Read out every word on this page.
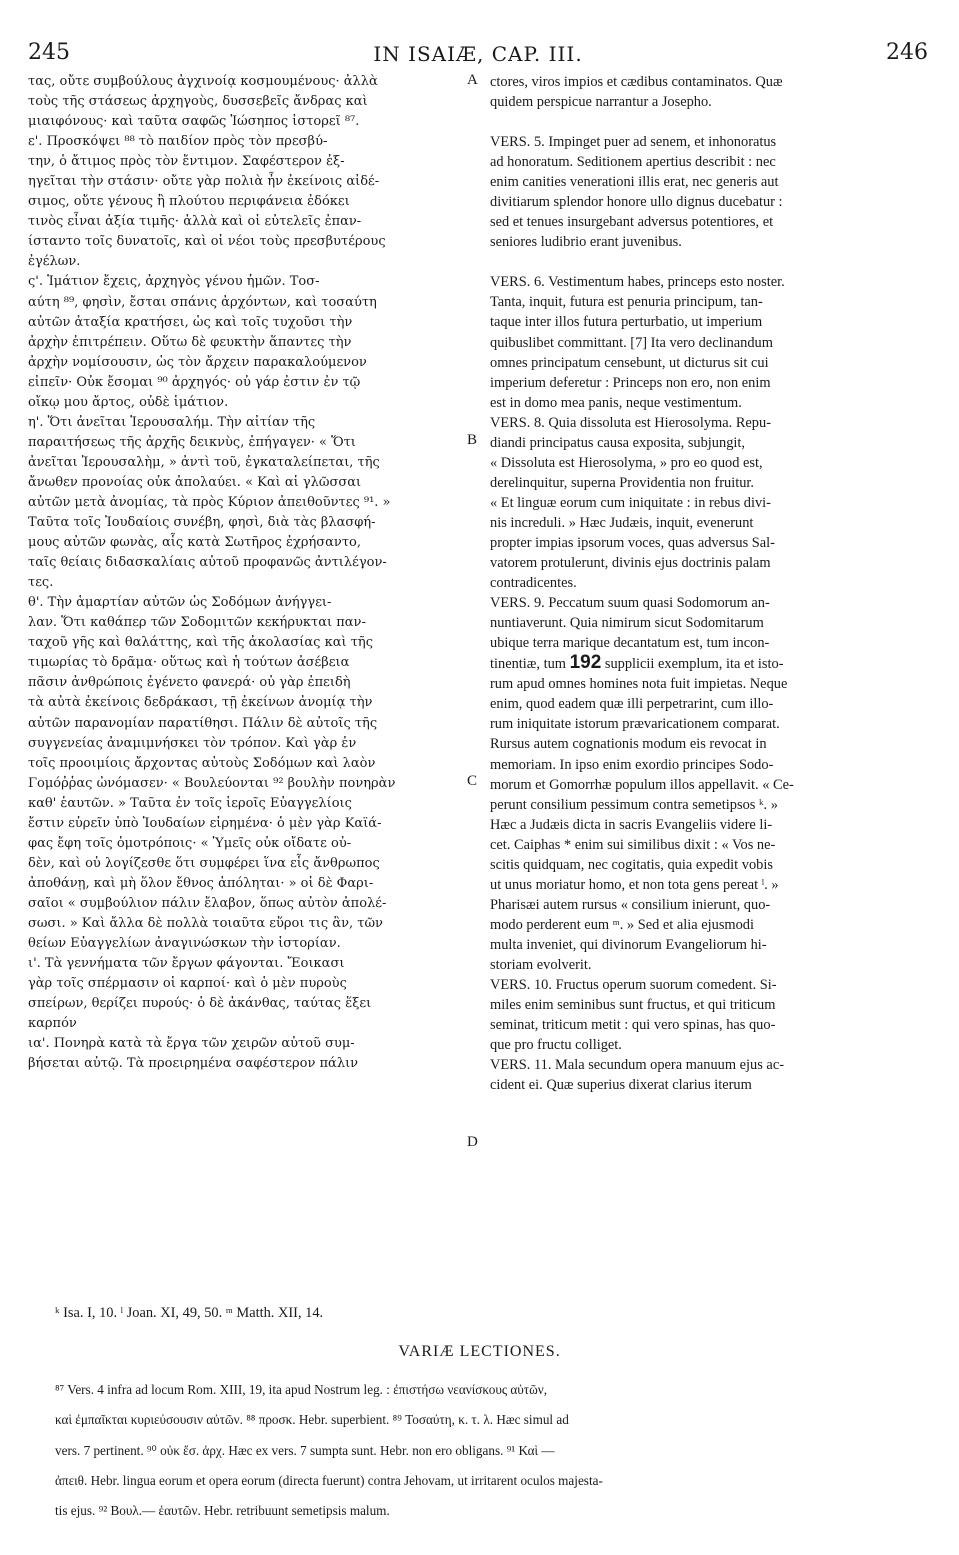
245	IN ISAIÆ, CAP. III.	246

τας, οὔτε συμβούλους ἀγχινοίᾳ κοσμουμένους· ἀλλὰ

τοὺς τῆς στάσεως ἀρχηγοὺς, δυσσεβεῖς ἄνδρας καὶ

μιαιφόνους· καὶ ταῦτα σαφῶς Ἰώσηπος ἱστορεῖ ⁸⁷.

ε'. Προσκόψει ⁸⁸ τὸ παιδίον πρὸς τὸν πρεσβύ-

την, ὁ ἄτιμος πρὸς τὸν ἔντιμον. Σαφέστερον ἐξ-

ηγεῖται τὴν στάσιν· οὔτε γὰρ πολιὰ ἦν ἐκείνοις αἰδέ-

σιμος, οὔτε γένους ἢ πλούτου περιφάνεια ἐδόκει

τινὸς εἶναι ἀξία τιμῆς· ἀλλὰ καὶ οἱ εὐτελεῖς ἐπαν-

ίσταντο τοῖς δυνατοῖς, καὶ οἱ νέοι τοὺς πρεσβυτέρους

ἐγέλων.

ς'. Ἱμάτιον ἔχεις, ἀρχηγὸς γένου ἡμῶν. Τοσ-

αύτη ⁸⁹, φησὶν, ἔσται σπάνις ἀρχόντων, καὶ τοσαύτη

αὐτῶν ἀταξία κρατήσει, ὡς καὶ τοῖς τυχοῦσι τὴν

ἀρχὴν ἐπιτρέπειν. Οὕτω δὲ φευκτὴν ἅπαντες τὴν

ἀρχὴν νομίσουσιν, ὡς τὸν ἄρχειν παρακαλούμενον

εἰπεῖν· Οὐκ ἔσομαι ⁹⁰ ἀρχηγός· οὐ γάρ ἐστιν ἐν τῷ

οἴκῳ μου ἄρτος, οὐδὲ ἱμάτιον.

η'. Ὅτι ἀνεῖται Ἱερουσαλήμ. Τὴν αἰτίαν τῆς

παραιτήσεως τῆς ἀρχῆς δεικνὺς, ἐπήγαγεν· « Ὅτι

ἀνεῖται Ἱερουσαλὴμ, » ἀντὶ τοῦ, ἐγκαταλείπεται, τῆς

ἄνωθεν προνοίας οὐκ ἀπολαύει. « Καὶ αἱ γλῶσσαι

αὐτῶν μετὰ ἀνομίας, τὰ πρὸς Κύριον ἀπειθοῦντες ⁹¹. »

Ταῦτα τοῖς Ἰουδαίοις συνέβη, φησὶ, διὰ τὰς βλασφή-

μους αὐτῶν φωνὰς, αἷς κατὰ Σωτῆρος ἐχρήσαντο,

ταῖς θείαις διδασκαλίαις αὐτοῦ προφανῶς ἀντιλέγον-

τες.

θ'. Τὴν ἁμαρτίαν αὐτῶν ὡς Σοδόμων ἀνήγγει-

λαν. Ὅτι καθάπερ τῶν Σοδομιτῶν κεκήρυκται παν-

ταχοῦ γῆς καὶ θαλάττης, καὶ τῆς ἀκολασίας καὶ τῆς

τιμωρίας τὸ δρᾶμα· οὕτως καὶ ἡ τούτων ἀσέβεια

πᾶσιν ἀνθρώποις ἐγένετο φανερά· οὐ γὰρ ἐπειδὴ

τὰ αὐτὰ ἐκείνοις δεδράκασι, τῇ ἐκείνων ἀνομίᾳ τὴν

αὐτῶν παρανομίαν παρατίθησι. Πάλιν δὲ αὐτοῖς τῆς

συγγενείας ἀναμιμνήσκει τὸν τρόπον. Καὶ γὰρ ἐν

τοῖς προοιμίοις ἄρχοντας αὐτοὺς Σοδόμων καὶ λαὸν

Γομόῤῥας ὠνόμασεν· « Βουλεύονται ⁹² βουλὴν πονηρὰν

καθ' ἑαυτῶν. » Ταῦτα ἐν τοῖς ἱεροῖς Εὐαγγελίοις

ἔστιν εὑρεῖν ὑπὸ Ἰουδαίων εἰρημένα· ὁ μὲν γὰρ Καϊά-

φας ἔφη τοῖς ὁμοτρόποις· « Ὑμεῖς οὐκ οἴδατε οὐ-

δὲν, καὶ οὐ λογίζεσθε ὅτι συμφέρει ἵνα εἷς ἄνθρωπος

ἀποθάνῃ, καὶ μὴ ὅλον ἔθνος ἀπόληται· » οἱ δὲ Φαρι-

σαῖοι « συμβούλιον πάλιν ἔλαβον, ὅπως αὐτὸν ἀπολέ-

σωσι. » Καὶ ἄλλα δὲ πολλὰ τοιαῦτα εὕροι τις ἂν, τῶν

θείων Εὐαγγελίων ἀναγινώσκων τὴν ἱστορίαν.

ι'. Τὰ γεννήματα τῶν ἔργων φάγονται. Ἔοικασι

γὰρ τοῖς σπέρμασιν οἱ καρποί· καὶ ὁ μὲν πυροὺς

σπείρων, θερίζει πυρούς· ὁ δὲ ἀκάνθας, ταύτας ἕξει

καρπόν

ια'. Πονηρὰ κατὰ τὰ ἔργα τῶν χειρῶν αὐτοῦ συμ-

βήσεται αὐτῷ. Τὰ προειρημένα σαφέστερον πάλιν

ctores, viros impios et cædibus contaminatos. Quæ

quidem perspicue narrantur a Josepho.

VERS. 5. Impinget puer ad senem, et inhonoratus

ad honoratum. Seditionem apertius describit : nec

enim canities venerationi illis erat, nec generis aut

divitiarum splendor honore ullo dignus ducebatur :

sed et tenues insurgebant adversus potentiores, et

seniores ludibrio erant juvenibus.

VERS. 6. Vestimentum habes, princeps esto noster.

Tanta, inquit, futura est penuria principum, tan-

taque inter illos futura perturbatio, ut imperium

quibuslibet committant. [7] Ita vero declinandum

omnes principatum censebunt, ut dicturus sit cui

imperium deferetur : Princeps non ero, non enim

est in domo mea panis, neque vestimentum.

VERS. 8. Quia dissoluta est Hierosolyma. Repu-

diandi principatus causa exposita, subjungit,

« Dissoluta est Hierosolyma, » pro eo quod est,

derelinquitur, superna Providentia non fruitur.

« Et linguæ eorum cum iniquitate : in rebus divi-

nis increduli. » Hæc Judæis, inquit, evenerunt

propter impias ipsorum voces, quas adversus Sal-

vatorem protulerunt, divinis ejus doctrinis palam

contradicentes.

VERS. 9. Peccatum suum quasi Sodomorum an-

nuntiaverunt. Quia nimirum sicut Sodomitarum

ubique terra marique decantatum est, tum incon-

tinentiæ, tum 192 supplicii exemplum, ita et isto-

rum apud omnes homines nota fuit impietas. Neque

enim, quod eadem quæ illi perpetrarint, cum illo-

rum iniquitate istorum prævaricationem comparat.

Rursus autem cognationis modum eis revocat in

memoriam. In ipso enim exordio principes Sodo-

morum et Gomorrhæ populum illos appellavit. « Ce-

perunt consilium pessimum contra semetipsos ᵏ. »

Hæc a Judæis dicta in sacris Evangeliis videre li-

cet. Caiphas * enim sui similibus dixit : « Vos ne-

scitis quidquam, nec cogitatis, quia expedit vobis

ut unus moriatur homo, et non tota gens pereat ˡ. »

Pharisæi autem rursus « consilium inierunt, quo-

modo perderent eum ᵐ. » Sed et alia ejusmodi

multa inveniet, qui divinorum Evangeliorum hi-

storiam evolverit.

VERS. 10. Fructus operum suorum comedent. Si-

miles enim seminibus sunt fructus, et qui triticum

seminat, triticum metit : qui vero spinas, has quo-

que pro fructu colliget.

VERS. 11. Mala secundum opera manuum ejus ac-

cident ei. Quæ superius dixerat clarius iterum

A
B
C
D
ᵏ Isa. I, 10. ˡ Joan. XI, 49, 50. ᵐ Matth. XII, 14.
VARIÆ LECTIONES.

⁸⁷ Vers. 4 infra ad locum Rom. XIII, 19, ita apud Nostrum leg. : ἐπιστήσω νεανίσκους αὐτῶν,

καὶ ἐμπαῖκται κυριεύσουσιν αὐτῶν. ⁸⁸ προσκ. Hebr. superbient. ⁸⁹ Τοσαύτη, κ. τ. λ. Hæc simul ad

vers. 7 pertinent. ⁹⁰ οὐκ ἔσ. ἀρχ. Hæc ex vers. 7 sumpta sunt. Hebr. non ero obligans. ⁹¹ Καὶ —

ἀπειθ. Hebr. lingua eorum et opera eorum (directa fuerunt) contra Jehovam, ut irritarent oculos majesta-

tis ejus. ⁹² Βουλ.— ἑαυτῶν. Hebr. retribuunt semetipsis malum.
